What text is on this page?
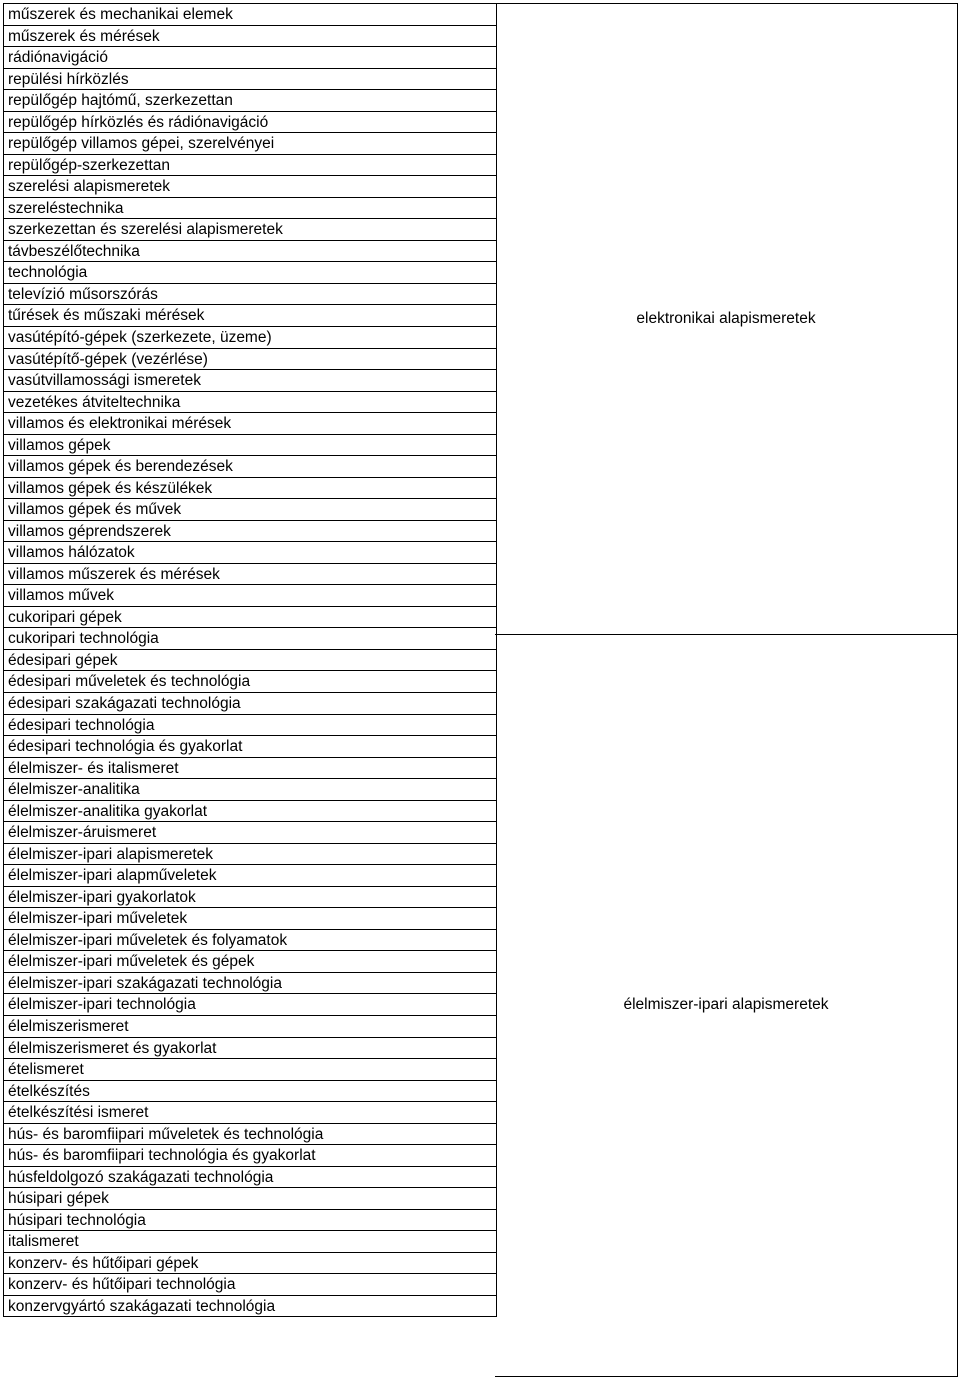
műszerek és mechanikai elemek
műszerek és mérések
rádiónavigáció
repülési hírközlés
repülőgép hajtómű, szerkezettan
repülőgép hírközlés és rádiónavigáció
repülőgép villamos gépei, szerelvényei
repülőgép-szerkezettan
szerelési alapismeretek
szereléstechnika
szerkezettan és szerelési alapismeretek
távbeszélőtechnika
technológia
televízió műsorszórás
tűrések és műszaki mérések
vasútépító-gépek (szerkezete, üzeme)
vasútépítő-gépek (vezérlése)
vasútvillamossági ismeretek
vezetékes átviteltechnika
villamos és elektronikai mérések
villamos gépek
villamos gépek és berendezések
villamos gépek és készülékek
villamos gépek és művek
villamos géprendszerek
villamos hálózatok
villamos műszerek és mérések
villamos művek
cukoripari gépek
cukoripari technológia
édesipari gépek
édesipari műveletek és technológia
édesipari szakágazati technológia
édesipari technológia
édesipari technológia és gyakorlat
élelmiszer- és italismeret
élelmiszer-analitika
élelmiszer-analitika gyakorlat
élelmiszer-áruismeret
élelmiszer-ipari alapismeretek
élelmiszer-ipari alapműveletek
élelmiszer-ipari gyakorlatok
élelmiszer-ipari műveletek
élelmiszer-ipari műveletek és folyamatok
élelmiszer-ipari műveletek és gépek
élelmiszer-ipari szakágazati technológia
élelmiszer-ipari technológia
élelmiszerismeret
élelmiszerismeret és gyakorlat
ételismeret
ételkészítés
ételkészítési ismeret
hús- és baromfiipari műveletek és technológia
hús- és baromfiipari technológia és gyakorlat
húsfeldolgozó szakágazati technológia
húsipari gépek
húsipari technológia
italismeret
konzerv- és hűtőipari gépek
konzerv- és hűtőipari technológia
konzervgyártó szakágazati technológia
elektronikai alapismeretek
élelmiszer-ipari alapismeretek
